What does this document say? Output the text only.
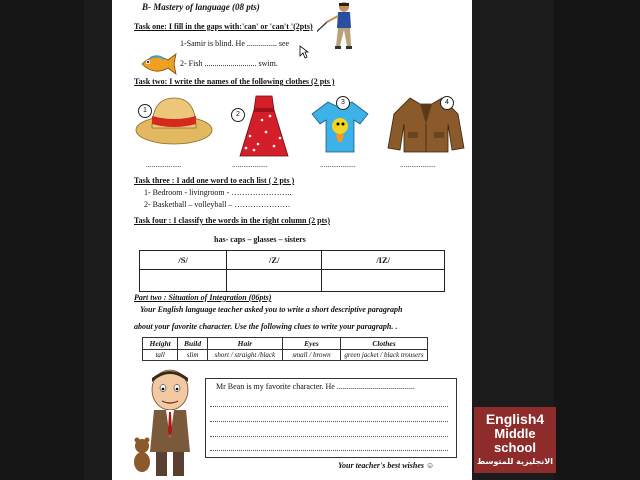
B- Mastery of language (08 pts)
Task one: I fill in the gaps with:'can' or 'can't '(2pts)
1-Samir is blind. He ............... see
2- Fish .......................... swim.
Task two: I write the names of the following clothes (2 pts )
1
2
3	4
...................	...................	...................	...................
Task three : I add one word to each list ( 2 pts )
1- Bedroom - livingroom - …………………..
2- Basketball – volleyball – …………………
Task four : I classify the words in the right column (2 pts)
has- caps – glasses – sisters
/S/	/Z/	/IZ/

Part two : Situation of Integration (06pts)
Your English language teacher asked you to write a short descriptive paragraph
about your favorite character. Use the following clues to write your paragraph. .
Height	Build	Hair	Eyes	Clothes
tall	slim	short / straight /black	small / brown	green jacket / black trousers
Mr Bean is my favorite character. He .......................................
Your teacher's best wishes ☺
English4
Middle
school
الانجليزية للمتوسط
